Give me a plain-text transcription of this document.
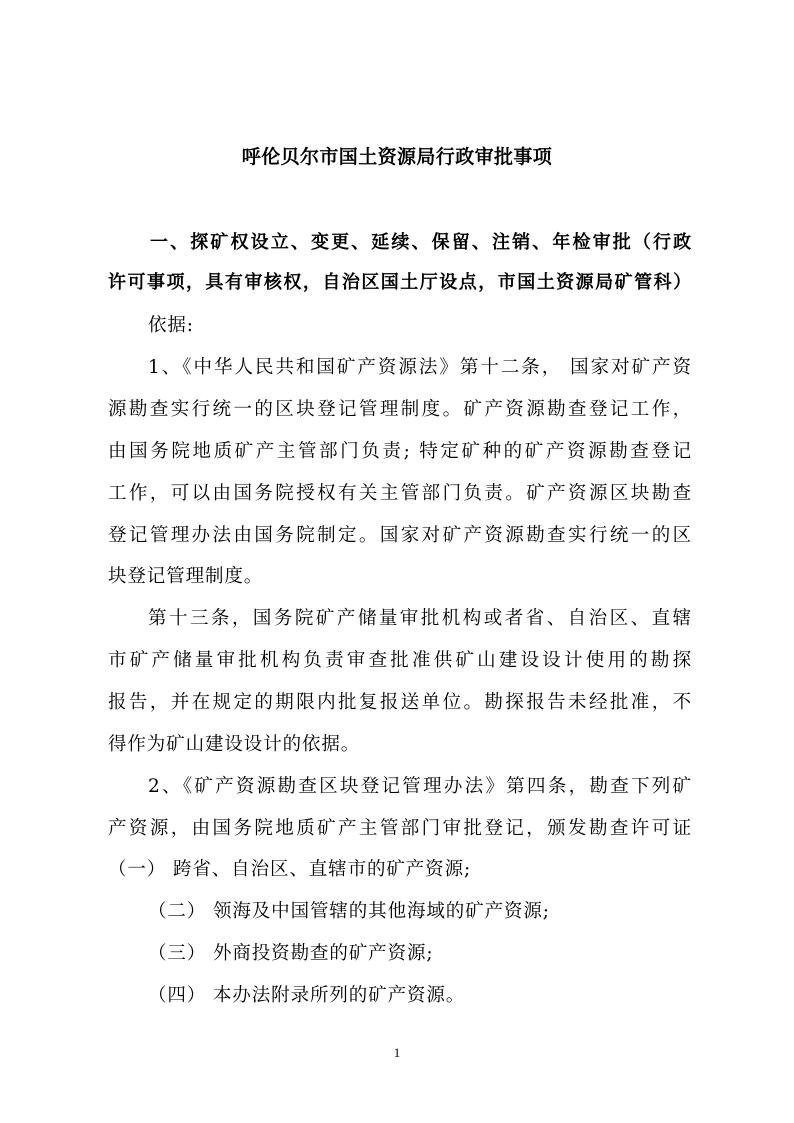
呼伦贝尔市国土资源局行政审批事项
一、探矿权设立、变更、延续、保留、注销、年检审批（行政
许可事项，具有审核权，自治区国土厅设点，市国土资源局矿管科）
依据:
1、《中华人民共和国矿产资源法》第十二条， 国家对矿产资
源勘查实行统一的区块登记管理制度。矿产资源勘查登记工作，
由国务院地质矿产主管部门负责; 特定矿种的矿产资源勘查登记
工作，可以由国务院授权有关主管部门负责。矿产资源区块勘查
登记管理办法由国务院制定。国家对矿产资源勘查实行统一的区
块登记管理制度。
第十三条，国务院矿产储量审批机构或者省、自治区、直辖
市矿产储量审批机构负责审查批准供矿山建设设计使用的勘探
报告，并在规定的期限内批复报送单位。勘探报告未经批准，不
得作为矿山建设设计的依据。
2、《矿产资源勘查区块登记管理办法》第四条，勘查下列矿
产资源，由国务院地质矿产主管部门审批登记，颁发勘查许可证
（一） 跨省、自治区、直辖市的矿产资源;
（二） 领海及中国管辖的其他海域的矿产资源;
（三） 外商投资勘查的矿产资源;
（四） 本办法附录所列的矿产资源。
1
